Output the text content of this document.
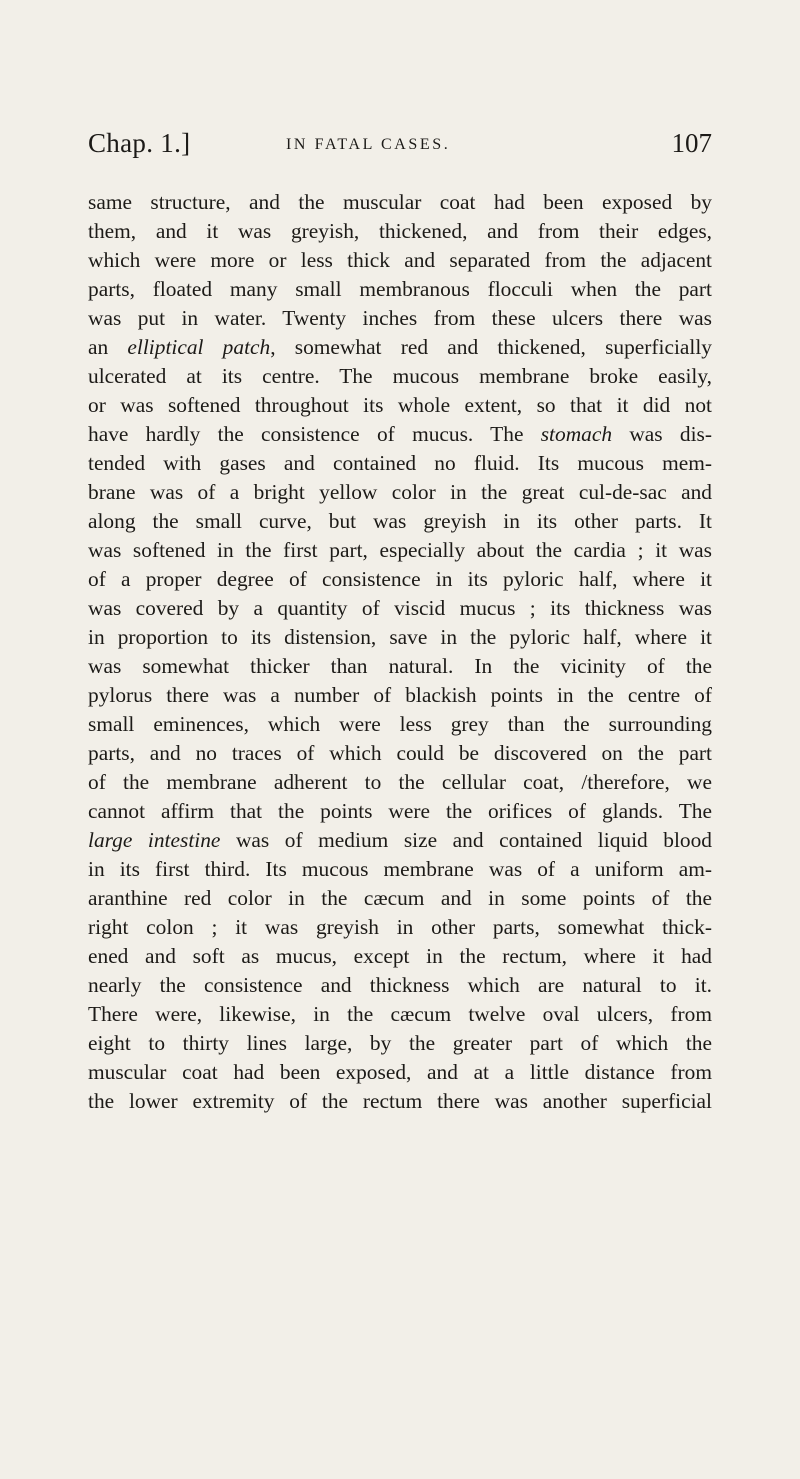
Chap. 1.]	IN FATAL CASES.	107
same structure, and the muscular coat had been exposed by
them, and it was greyish, thickened, and from their edges,
which were more or less thick and separated from the adjacent
parts, floated many small membranous flocculi when the part
was put in water. Twenty inches from these ulcers there was
an elliptical patch, somewhat red and thickened, superficially
ulcerated at its centre. The mucous membrane broke easily,
or was softened throughout its whole extent, so that it did not
have hardly the consistence of mucus. The stomach was dis-
tended with gases and contained no fluid. Its mucous mem-
brane was of a bright yellow color in the great cul-de-sac and
along the small curve, but was greyish in its other parts. It
was softened in the first part, especially about the cardia ; it was
of a proper degree of consistence in its pyloric half, where it
was covered by a quantity of viscid mucus ; its thickness was
in proportion to its distension, save in the pyloric half, where it
was somewhat thicker than natural. In the vicinity of the
pylorus there was a number of blackish points in the centre of
small eminences, which were less grey than the surrounding
parts, and no traces of which could be discovered on the part
of the membrane adherent to the cellular coat, /therefore, we
cannot affirm that the points were the orifices of glands. The
large intestine was of medium size and contained liquid blood
in its first third. Its mucous membrane was of a uniform am-
aranthine red color in the cæcum and in some points of the
right colon ; it was greyish in other parts, somewhat thick-
ened and soft as mucus, except in the rectum, where it had
nearly the consistence and thickness which are natural to it.
There were, likewise, in the cæcum twelve oval ulcers, from
eight to thirty lines large, by the greater part of which the
muscular coat had been exposed, and at a little distance from
the lower extremity of the rectum there was another superficial
